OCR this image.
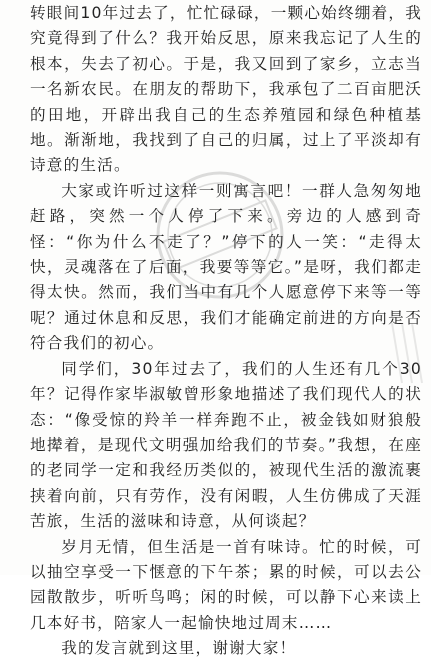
转眼间10年过去了，忙忙碌碌，一颗心始终绷着，我究竟得到了什么？我开始反思，原来我忘记了人生的根本，失去了初心。于是，我又回到了家乡，立志当一名新农民。在朋友的帮助下，我承包了二百亩肥沃的田地，开辟出我自己的生态养殖园和绿色种植基地。渐渐地，我找到了自己的归属，过上了平淡却有诗意的生活。

大家或许听过这样一则寓言吧！一群人急匆匆地赶路，突然一个人停了下来。旁边的人感到奇怪：“你为什么不走了？”停下的人一笑：“走得太快，灵魂落在了后面，我要等等它。”是呀，我们都走得太快。然而，我们当中有几个人愿意停下来等一等呢？通过休息和反思，我们才能确定前进的方向是否符合我们的初心。

同学们，30年过去了，我们的人生还有几个30年？记得作家毕淑敏曾形象地描述了我们现代人的状态：“像受惊的羚羊一样奔跑不止，被金钱如财狼般地撵着，是现代文明强加给我们的节奏。”我想，在座的老同学一定和我经历类似的，被现代生活的激流裹挟着向前，只有劳作，没有闲暇，人生仿佛成了天涯苦旅，生活的滋味和诗意，从何谈起？

岁月无情，但生活是一首有味诗。忙的时候，可以抽空享受一下惬意的下午茶；累的时候，可以去公园散散步，听听鸟鸣；闲的时候，可以静下心来读上几本好书，陪家人一起愉快地过周末……

我的发言就到这里，谢谢大家！
